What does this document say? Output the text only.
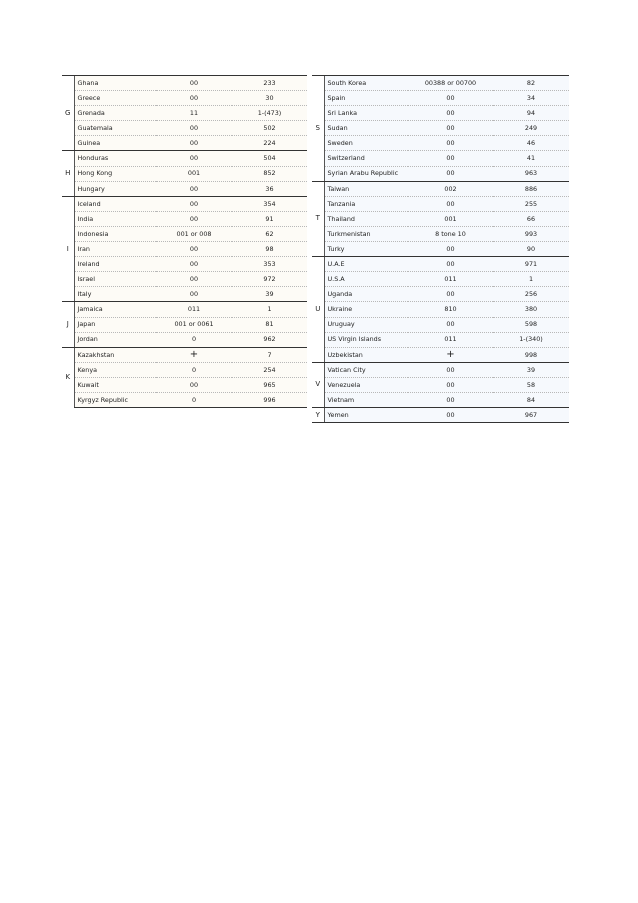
G	Ghana	00	233
	Greece	00	30
	Grenada	11	1-(473)
	Guatemala	00	502
	Guinea	00	224
H	Honduras	00	504
	Hong Kong	001	852
	Hungary	00	36
I	Iceland	00	354
	India	00	91
	Indonesia	001 or 008	62
	Iran	00	98
	Ireland	00	353
	Israel	00	972
	Italy	00	39
J	Jamaica	011	1
	Japan	001 or 0061	81
	Jordan	0	962
K	Kazakhstan	+	7
	Kenya	0	254
	Kuwait	00	965
	Kyrgyz Republic	0	996
S	South Korea	00388 or 00700	82
	Spain	00	34
	Sri Lanka	00	94
	Sudan	00	249
	Sweden	00	46
	Switzerland	00	41
	Syrian Arabu Republic	00	963
T	Taiwan	002	886
	Tanzania	00	255
	Thailand	001	66
	Turkmenistan	8 tone 10	993
	Turky	00	90
U	U.A.E	00	971
	U.S.A	011	1
	Uganda	00	256
	Ukraine	810	380
	Uruguay	00	598
	US Virgin Islands	011	1-(340)
	Uzbekistan	+	998
V	Vatican City	00	39
	Venezuela	00	58
	Vietnam	00	84
Y	Yemen	00	967
